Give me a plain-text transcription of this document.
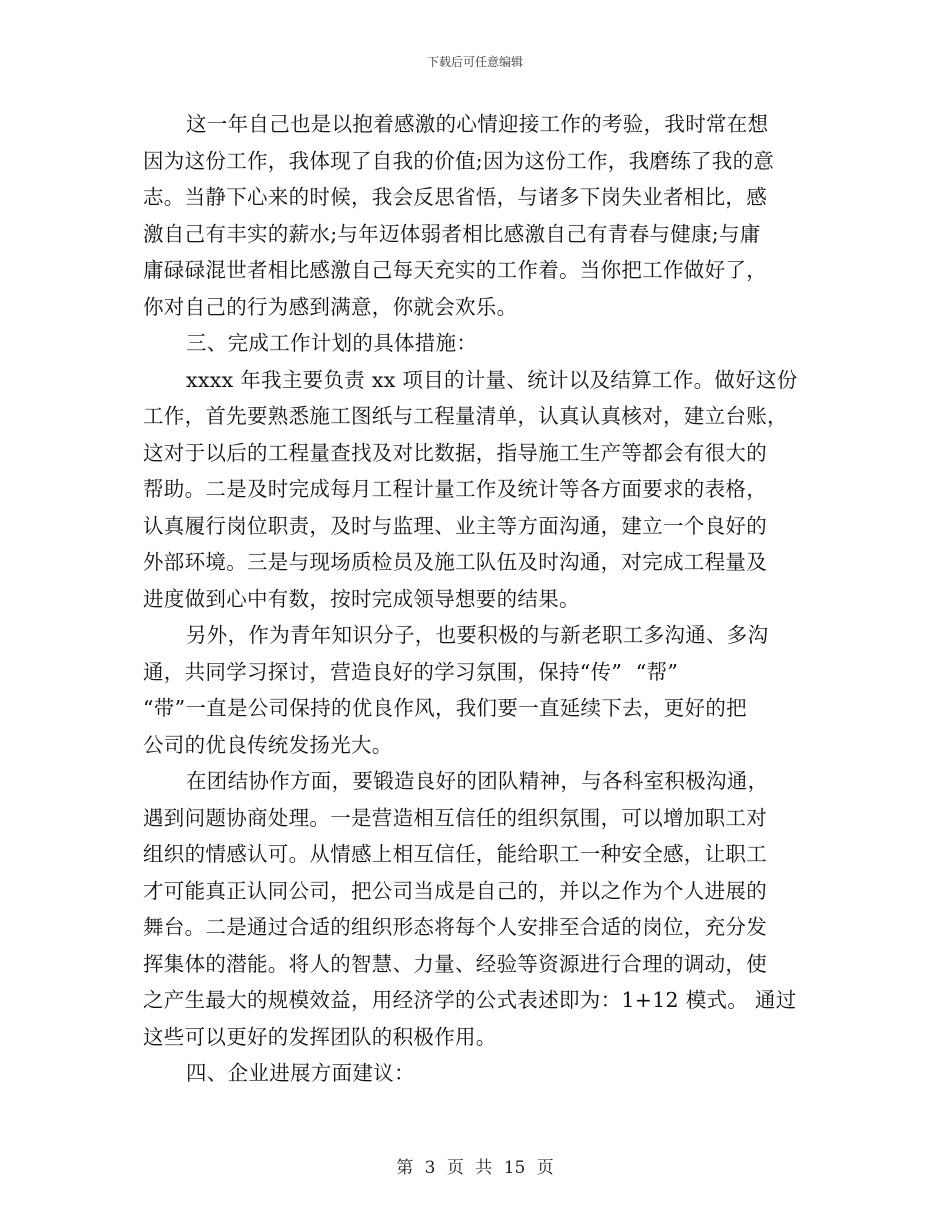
下载后可任意编辑
这一年自己也是以抱着感激的心情迎接工作的考验，我时常在想
因为这份工作，我体现了自我的价值;因为这份工作，我磨练了我的意
志。当静下心来的时候，我会反思省悟，与诸多下岗失业者相比，感
激自己有丰实的薪水;与年迈体弱者相比感激自己有青春与健康;与庸
庸碌碌混世者相比感激自己每天充实的工作着。当你把工作做好了，
你对自己的行为感到满意，你就会欢乐。
三、完成工作计划的具体措施：
xxxx 年我主要负责 xx 项目的计量、统计以及结算工作。做好这份
工作，首先要熟悉施工图纸与工程量清单，认真认真核对，建立台账，
这对于以后的工程量查找及对比数据，指导施工生产等都会有很大的
帮助。二是及时完成每月工程计量工作及统计等各方面要求的表格，
认真履行岗位职责，及时与监理、业主等方面沟通，建立一个良好的
外部环境。三是与现场质检员及施工队伍及时沟通，对完成工程量及
进度做到心中有数，按时完成领导想要的结果。
另外，作为青年知识分子，也要积极的与新老职工多沟通、多沟
通，共同学习探讨，营造良好的学习氛围，保持“传”  “帮”
“带”一直是公司保持的优良作风，我们要一直延续下去，更好的把
公司的优良传统发扬光大。
在团结协作方面，要锻造良好的团队精神，与各科室积极沟通，
遇到问题协商处理。一是营造相互信任的组织氛围，可以增加职工对
组织的情感认可。从情感上相互信任，能给职工一种安全感，让职工
才可能真正认同公司，把公司当成是自己的，并以之作为个人进展的
舞台。二是通过合适的组织形态将每个人安排至合适的岗位，充分发
挥集体的潜能。将人的智慧、力量、经验等资源进行合理的调动，使
之产生最大的规模效益，用经济学的公式表述即为：1+12 模式。 通过
这些可以更好的发挥团队的积极作用。
四、企业进展方面建议：
第 3 页 共 15 页
